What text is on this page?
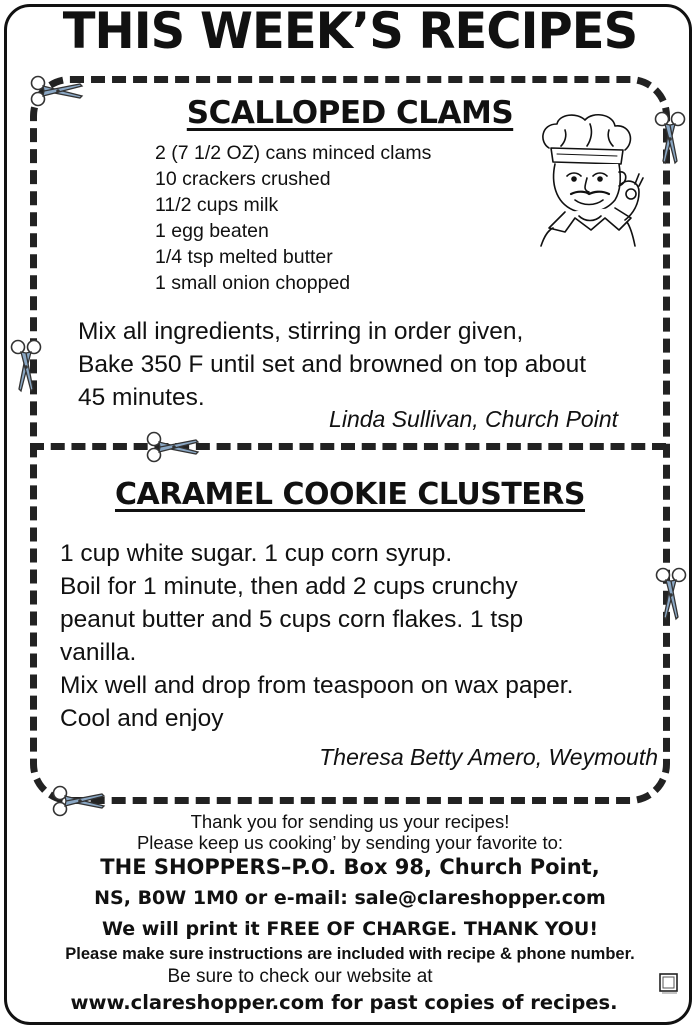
THIS WEEK’S RECIPES
SCALLOPED CLAMS
2 (7 1/2 OZ) cans minced clams
10 crackers crushed
11/2 cups milk
1 egg beaten
1/4 tsp melted butter
1 small onion chopped
Mix all ingredients, stirring in order given,
Bake 350 F until set and browned on top about
45 minutes.
Linda Sullivan, Church Point
CARAMEL COOKIE CLUSTERS
1 cup white sugar. 1 cup corn syrup.
Boil for 1 minute, then add 2 cups crunchy
peanut butter and 5 cups corn flakes. 1 tsp
vanilla.
Mix well and drop from teaspoon on wax paper.
Cool and enjoy
Theresa Betty Amero, Weymouth
Thank you for sending us your recipes!
Please keep us cooking’ by sending your favorite to:
THE SHOPPERS–P.O. Box 98, Church Point,
NS, B0W 1M0 or e-mail: sale@clareshopper.com
We will print it FREE OF CHARGE. THANK YOU!
Please make sure instructions are included with recipe & phone number.
Be sure to check our website at
www.clareshopper.com for past copies of recipes.
